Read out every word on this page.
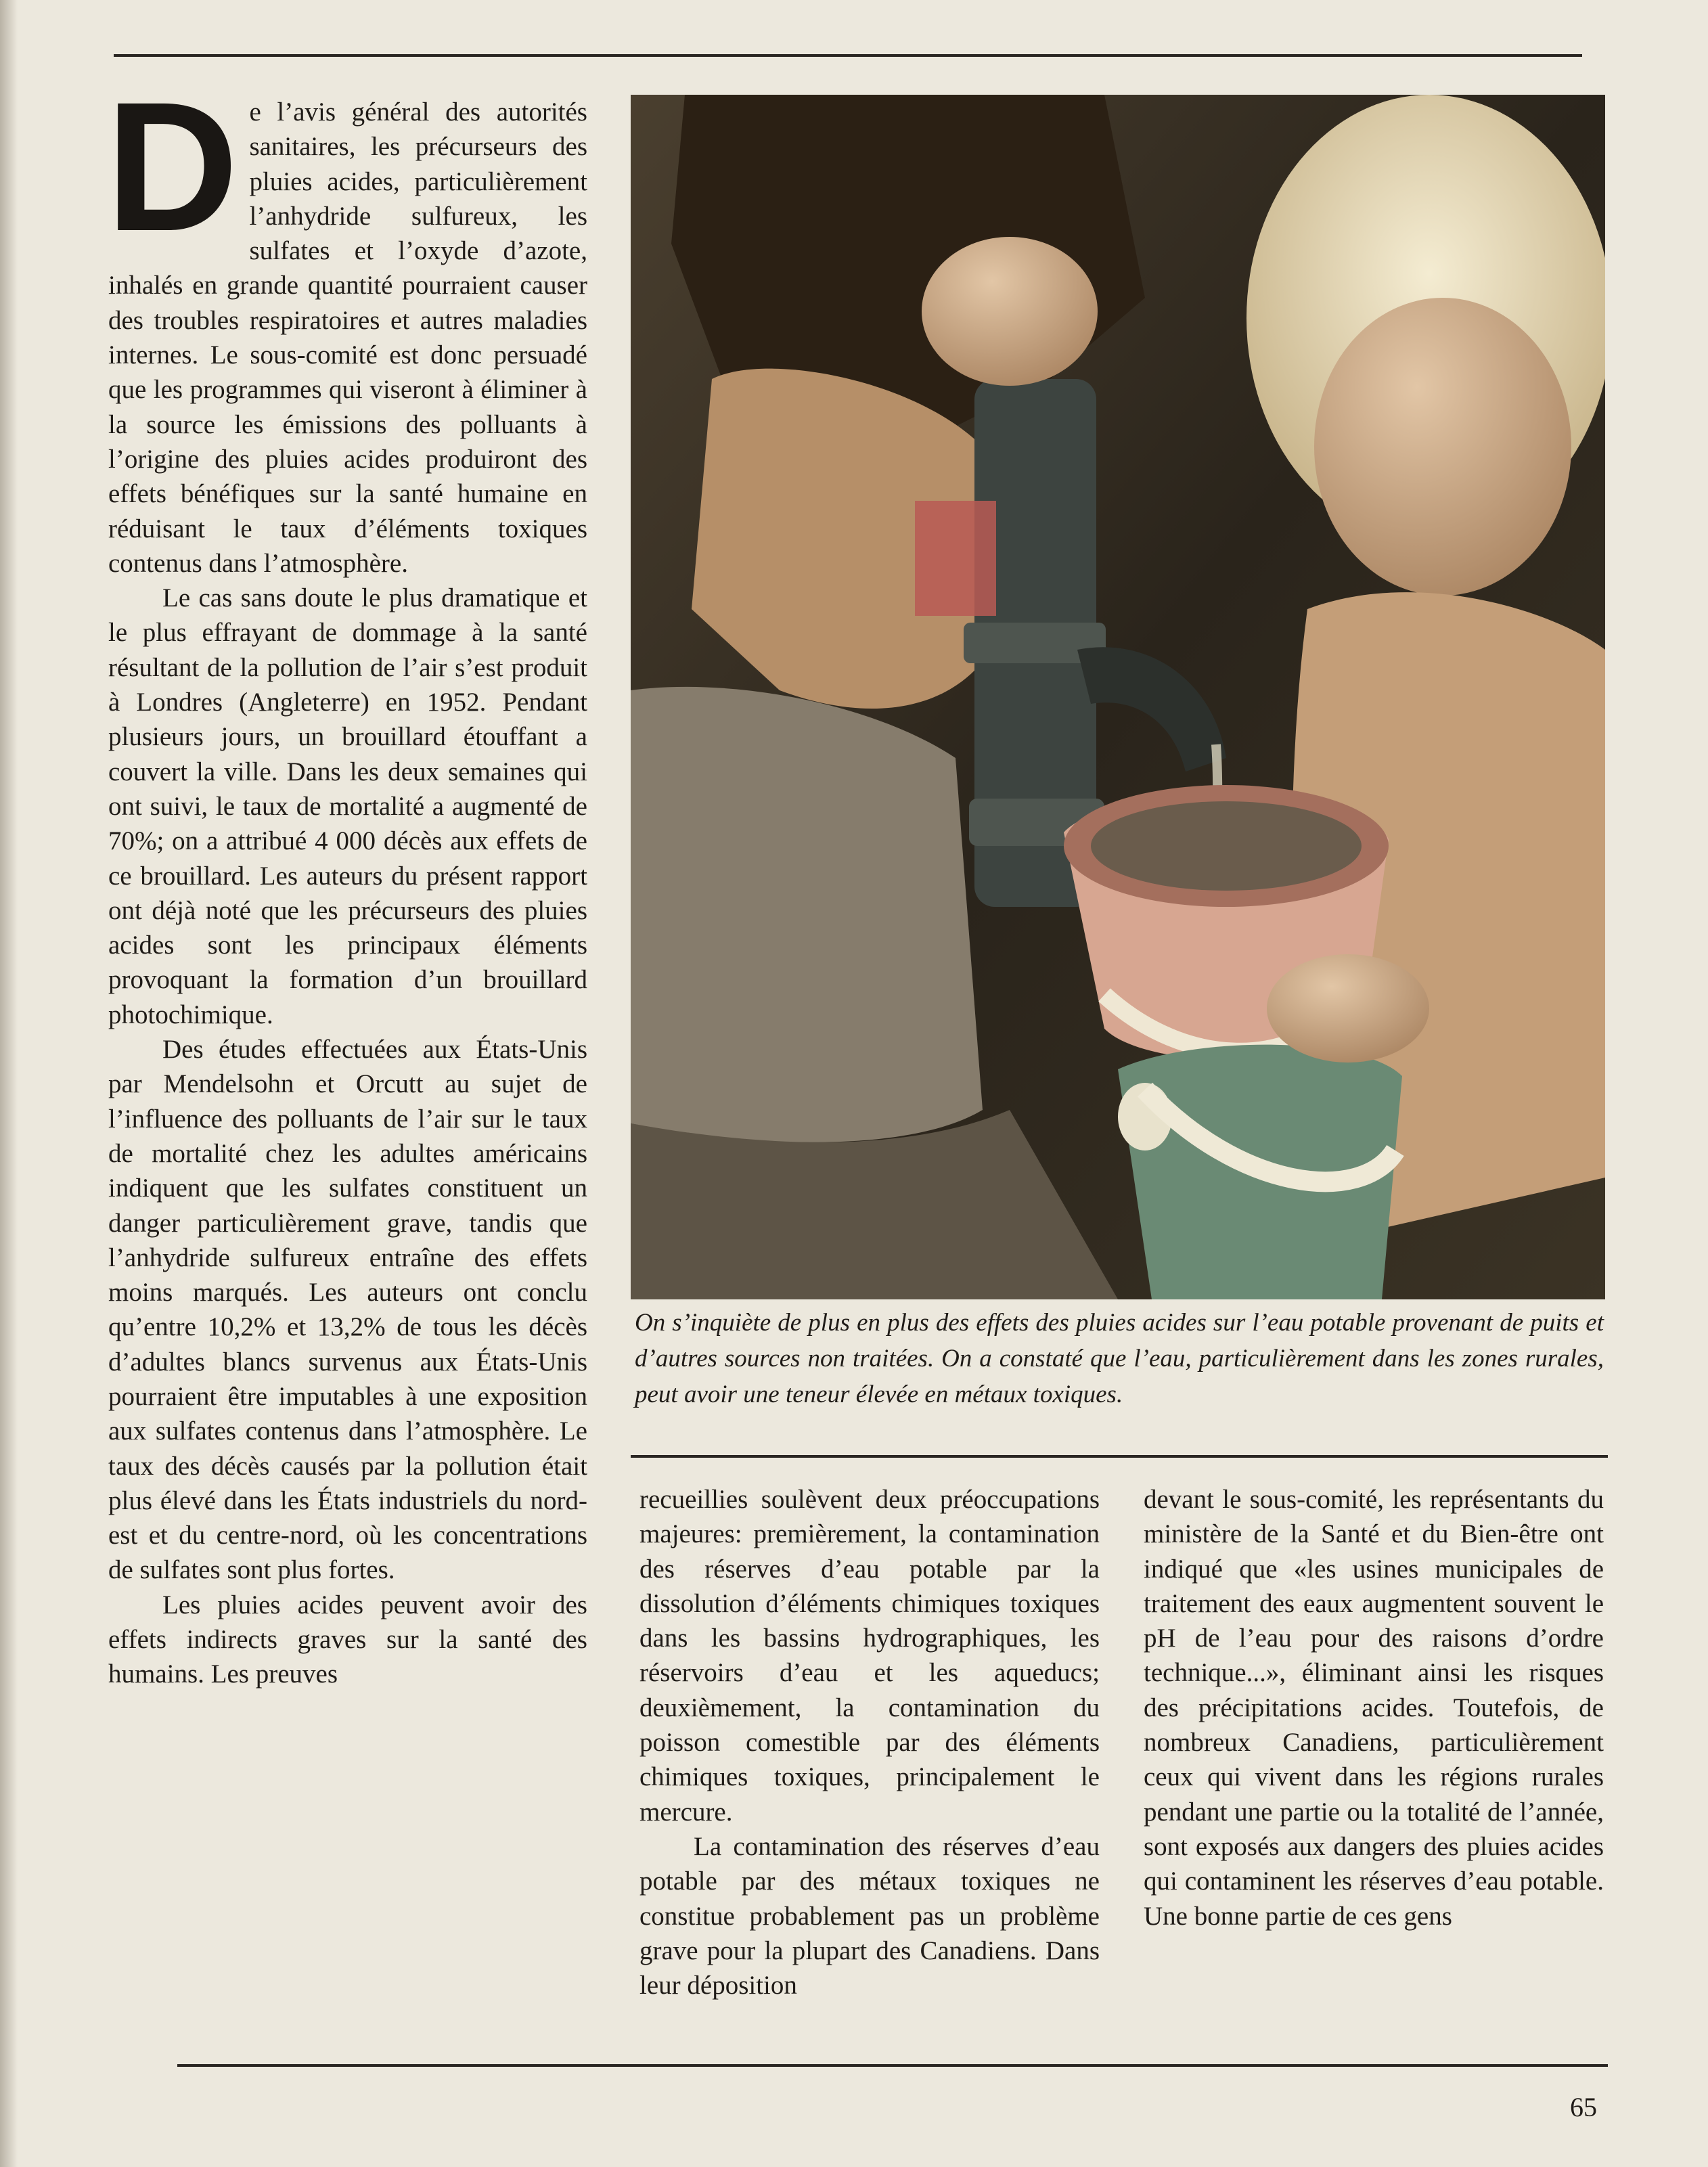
De l’avis général des autorités sanitaires, les précurseurs des pluies acides, particulièrement l’anhydride sulfureux, les sulfates et l’oxyde d’azote, inhalés en grande quantité pourraient causer des troubles respiratoires et autres maladies internes. Le sous-comité est donc persuadé que les programmes qui viseront à éliminer à la source les émissions des polluants à l’origine des pluies acides produiront des effets bénéfiques sur la santé humaine en réduisant le taux d’éléments toxiques contenus dans l’atmosphère.

Le cas sans doute le plus dramatique et le plus effrayant de dommage à la santé résultant de la pollution de l’air s’est produit à Londres (Angleterre) en 1952. Pendant plusieurs jours, un brouillard étouffant a couvert la ville. Dans les deux semaines qui ont suivi, le taux de mortalité a augmenté de 70%; on a attribué 4 000 décès aux effets de ce brouillard. Les auteurs du présent rapport ont déjà noté que les précurseurs des pluies acides sont les principaux éléments provoquant la formation d’un brouillard photochimique.

Des études effectuées aux États-Unis par Mendelsohn et Orcutt au sujet de l’influence des polluants de l’air sur le taux de mortalité chez les adultes américains indiquent que les sulfates constituent un danger particulièrement grave, tandis que l’anhydride sulfureux entraîne des effets moins marqués. Les auteurs ont conclu qu’entre 10,2% et 13,2% de tous les décès d’adultes blancs survenus aux États-Unis pourraient être imputables à une exposition aux sulfates contenus dans l’atmosphère. Le taux des décès causés par la pollution était plus élevé dans les États industriels du nord-est et du centre-nord, où les concentrations de sulfates sont plus fortes.

Les pluies acides peuvent avoir des effets indirects graves sur la santé des humains. Les preuves

On s’inquiète de plus en plus des effets des pluies acides sur l’eau potable provenant de puits et d’autres sources non traitées. On a constaté que l’eau, particulièrement dans les zones rurales, peut avoir une teneur élevée en métaux toxiques.

recueillies soulèvent deux préoccupations majeures: premièrement, la contamination des réserves d’eau potable par la dissolution d’éléments chimiques toxiques dans les bassins hydrographiques, les réservoirs d’eau et les aqueducs; deuxièmement, la contamination du poisson comestible par des éléments chimiques toxiques, principalement le mercure.

La contamination des réserves d’eau potable par des métaux toxiques ne constitue probablement pas un problème grave pour la plupart des Canadiens. Dans leur déposition

devant le sous-comité, les représentants du ministère de la Santé et du Bien-être ont indiqué que «les usines municipales de traitement des eaux augmentent souvent le pH de l’eau pour des raisons d’ordre technique...», éliminant ainsi les risques des précipitations acides. Toutefois, de nombreux Canadiens, particulièrement ceux qui vivent dans les régions rurales pendant une partie ou la totalité de l’année, sont exposés aux dangers des pluies acides qui contaminent les réserves d’eau potable. Une bonne partie de ces gens

65
